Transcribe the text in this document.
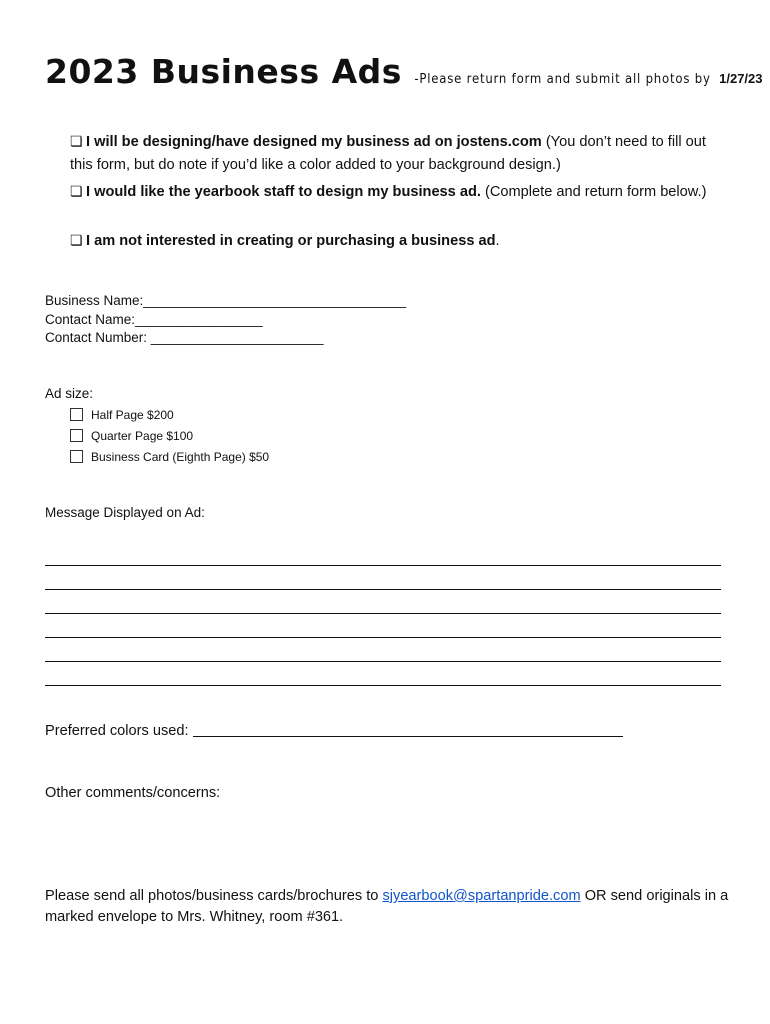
2023 Business Ads -Please return form and submit all photos by 1/27/23
❏ I will be designing/have designed my business ad on jostens.com (You don’t need to fill out this form, but do note if you’d like a color added to your background design.)
❏ I would like the yearbook staff to design my business ad. (Complete and return form below.)
❏ I am not interested in creating or purchasing a business ad.
Business Name:___________________________________
Contact Name:_________________
Contact Number: _______________________
Ad size:
Half Page $200
Quarter Page $100
Business Card (Eighth Page) $50
Message Displayed on Ad:
Preferred colors used:
Other comments/concerns:
Please send all photos/business cards/brochures to sjyearbook@spartanpride.com OR send originals in a marked envelope to Mrs. Whitney, room #361.
